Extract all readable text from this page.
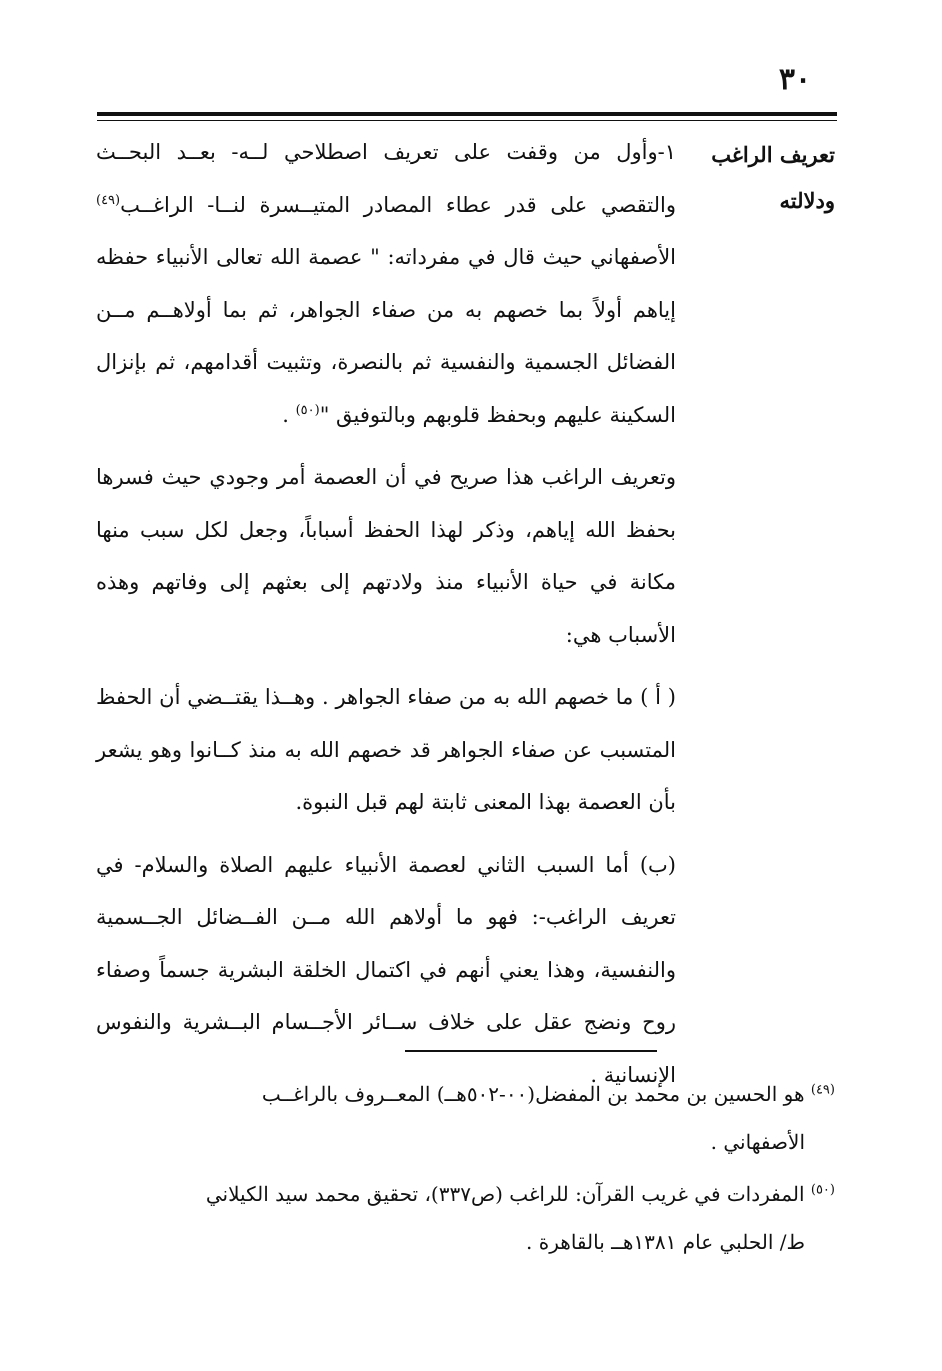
٣٠
تعريف الراغب
ودلالته

١-وأول من وقفت على تعريف اصطلاحي لــه- بعــد البحــث والتقصي على قدر عطاء المصادر المتيــسرة لنــا- الراغــب$^{(٤٩)}$ الأصفهاني حيث قال في مفرداته: " عصمة الله تعالى الأنبياء حفظه إياهم أولاً بما خصهم به من صفاء الجواهر، ثم بما أولاهــم مــن الفضائل الجسمية والنفسية ثم بالنصرة، وتثبيت أقدامهم، ثم بإنزال السكينة عليهم وبحفظ قلوبهم وبالتوفيق "$^{(٥٠)}$ .

وتعريف الراغب هذا صريح في أن العصمة أمر وجودي حيث فسرها بحفظ الله إياهم، وذكر لهذا الحفظ أسباباً، وجعل لكل سبب منها مكانة في حياة الأنبياء منذ ولادتهم إلى بعثهم إلى وفاتهم وهذه الأسباب هي:

( أ ) ما خصهم الله به من صفاء الجواهر . وهــذا يقتــضي أن الحفظ المتسبب عن صفاء الجواهر قد خصهم الله به منذ كــانوا وهو يشعر بأن العصمة بهذا المعنى ثابتة لهم قبل النبوة.

(ب) أما السبب الثاني لعصمة الأنبياء عليهم الصلاة والسلام- في تعريف الراغب-: فهو ما أولاهم الله مــن الفــضائل الجــسمية والنفسية، وهذا يعني أنهم في اكتمال الخلقة البشرية جسماً وصفاء روح ونضج عقل على خلاف ســائر الأجــسام البــشرية والنفوس الإنسانية .

$^{(٤٩)}$ هو الحسين بن محمد بن المفضل(٠٠-٥٠٢هــ) المعــروف بالراغــب
الأصفهاني .
$^{(٥٠)}$ المفردات في غريب القرآن: للراغب (ص٣٣٧)، تحقيق محمد سيد الكيلاني
ط/ الحلبي عام ١٣٨١هــ بالقاهرة .
